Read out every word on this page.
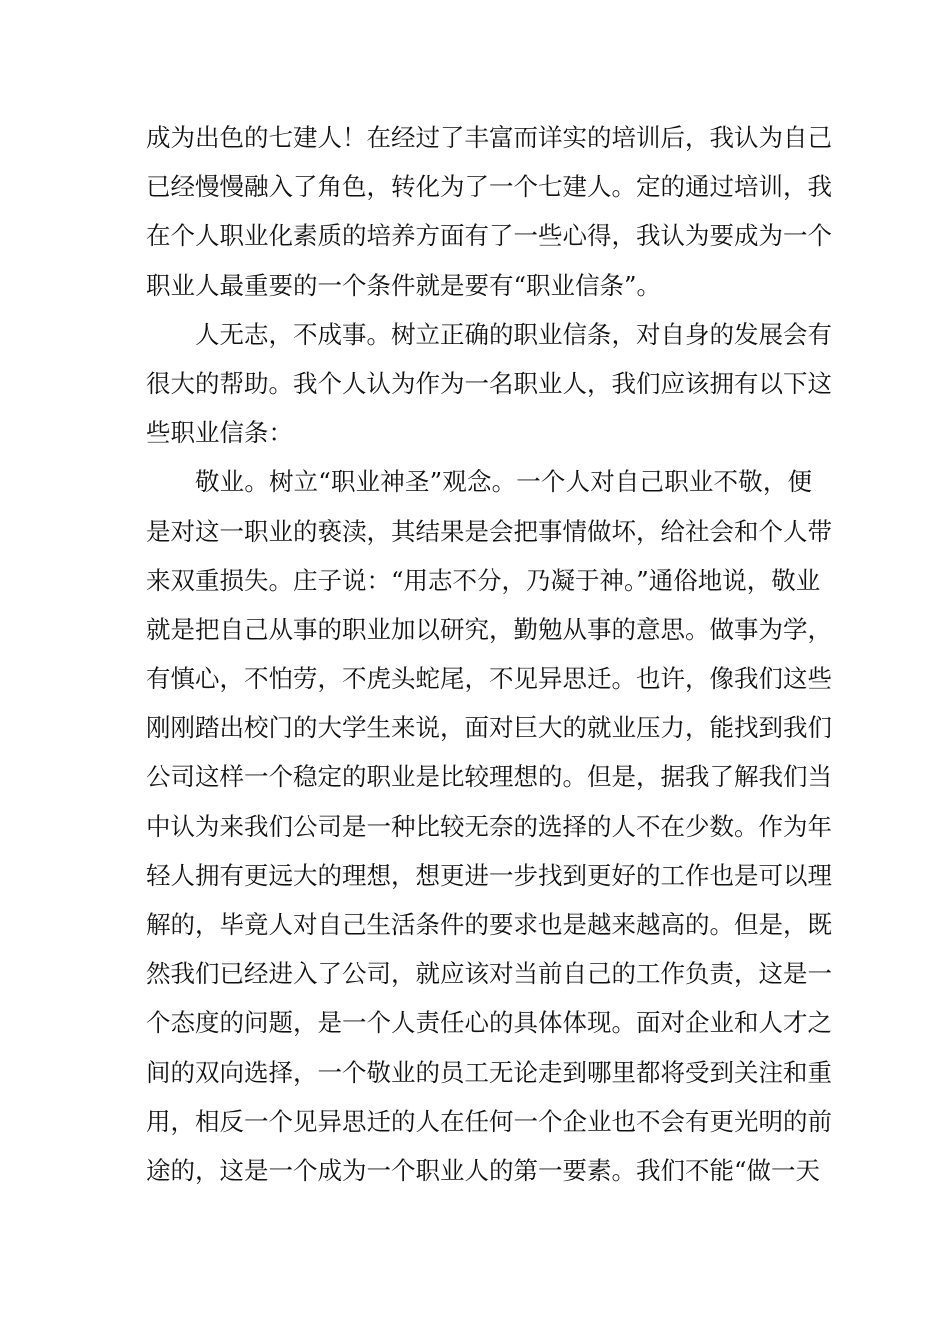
成为出色的七建人！在经过了丰富而详实的培训后，我认为自己
已经慢慢融入了角色，转化为了一个七建人。定的通过培训，我
在个人职业化素质的培养方面有了一些心得，我认为要成为一个
职业人最重要的一个条件就是要有“职业信条”。
人无志，不成事。树立正确的职业信条，对自身的发展会有
很大的帮助。我个人认为作为一名职业人，我们应该拥有以下这
些职业信条：
敬业。树立“职业神圣”观念。一个人对自己职业不敬，便
是对这一职业的亵渎，其结果是会把事情做坏，给社会和个人带
来双重损失。庄子说：“用志不分，乃凝于神。”通俗地说，敬业
就是把自己从事的职业加以研究，勤勉从事的意思。做事为学，
有慎心，不怕劳，不虎头蛇尾，不见异思迁。也许，像我们这些
刚刚踏出校门的大学生来说，面对巨大的就业压力，能找到我们
公司这样一个稳定的职业是比较理想的。但是，据我了解我们当
中认为来我们公司是一种比较无奈的选择的人不在少数。作为年
轻人拥有更远大的理想，想更进一步找到更好的工作也是可以理
解的，毕竟人对自己生活条件的要求也是越来越高的。但是，既
然我们已经进入了公司，就应该对当前自己的工作负责，这是一
个态度的问题，是一个人责任心的具体体现。面对企业和人才之
间的双向选择，一个敬业的员工无论走到哪里都将受到关注和重
用，相反一个见异思迁的人在任何一个企业也不会有更光明的前
途的，这是一个成为一个职业人的第一要素。我们不能“做一天
